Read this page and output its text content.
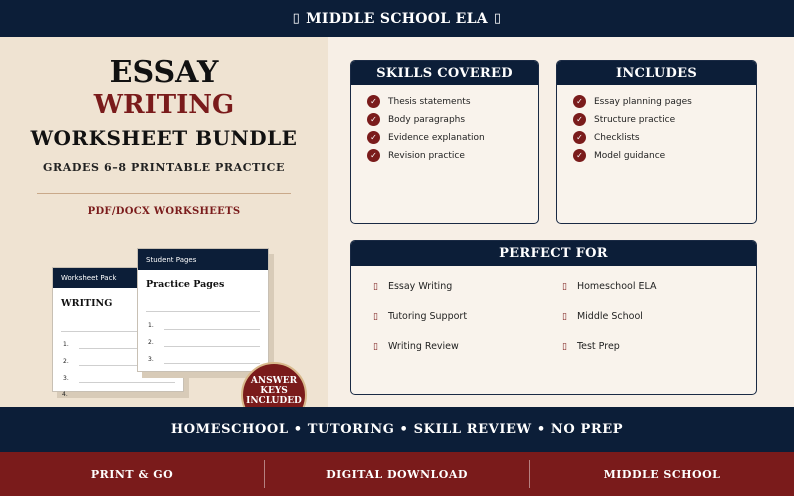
▯ MIDDLE SCHOOL ELA ▯
ESSAY
WRITING
WORKSHEET BUNDLE
GRADES 6–8 PRINTABLE PRACTICE
PDF/DOCX WORKSHEETS
Worksheet Pack
WRITING
1.
2.
3.
4.
Student Pages
Practice Pages
1.
2.
3.
ANSWER
KEYS
INCLUDED
SKILLS COVERED
✓	Thesis statements
✓	Body paragraphs
✓	Evidence explanation
✓	Revision practice
INCLUDES
✓	Essay planning pages
✓	Structure practice
✓	Checklists
✓	Model guidance
PERFECT FOR
▯ Essay Writing
▯ Tutoring Support
▯ Writing Review
▯ Homeschool ELA
▯ Middle School
▯ Test Prep
HOMESCHOOL • TUTORING • SKILL REVIEW • NO PREP
PRINT & GO	DIGITAL DOWNLOAD	MIDDLE SCHOOL
